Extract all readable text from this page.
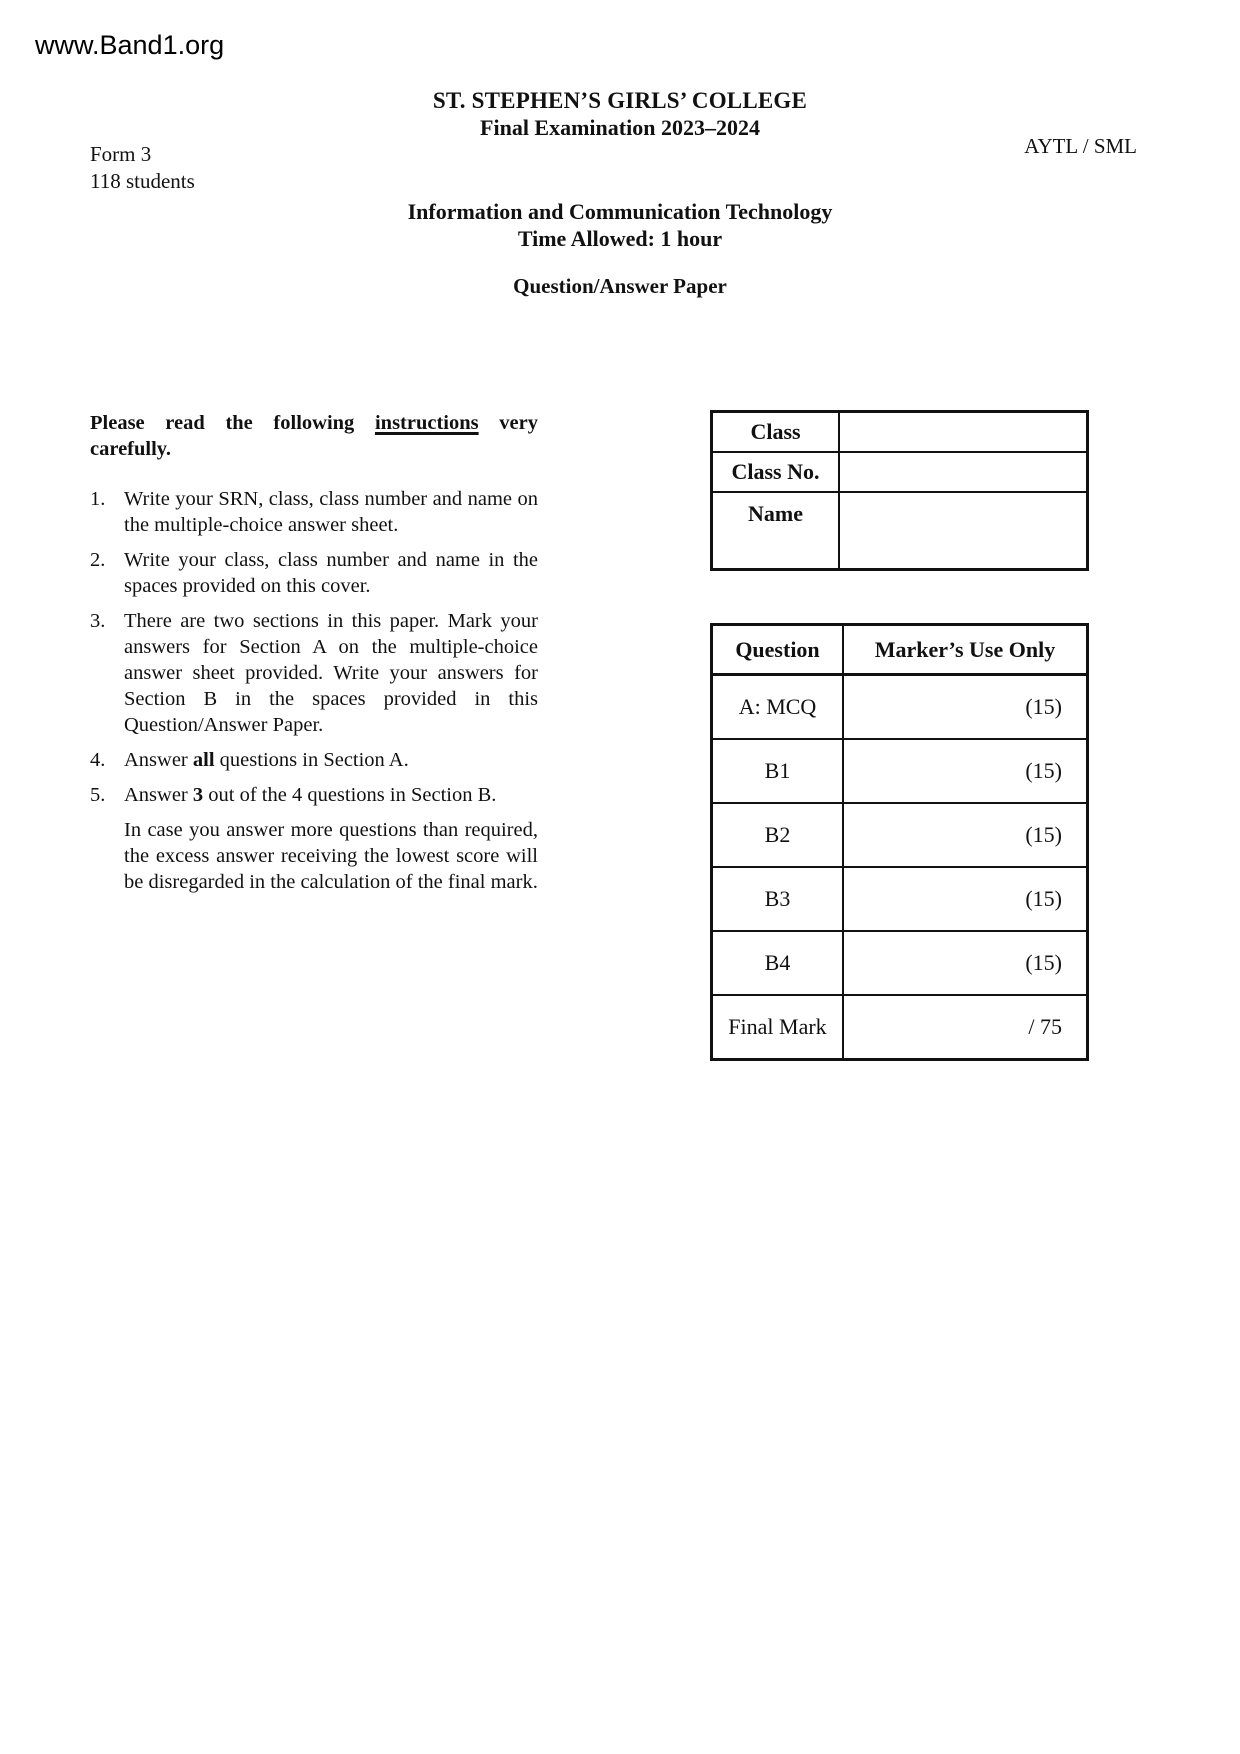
www.Band1.org
ST. STEPHEN’S GIRLS’ COLLEGE
Final Examination 2023–2024
Form 3
118 students
AYTL / SML
Information and Communication Technology
Time Allowed: 1 hour
Question/Answer Paper

Please read the following instructions very carefully.

1. Write your SRN, class, class number and name on the multiple-choice answer sheet.
2. Write your class, class number and name in the spaces provided on this cover.
3. There are two sections in this paper. Mark your answers for Section A on the multiple-choice answer sheet provided. Write your answers for Section B in the spaces provided in this Question/Answer Paper.
4. Answer all questions in Section A.
5. Answer 3 out of the 4 questions in Section B.

In case you answer more questions than required, the excess answer receiving the lowest score will be disregarded in the calculation of the final mark.

Class	
Class No.	
Name	
Question	Marker’s Use Only
A: MCQ	(15)
B1	(15)
B2	(15)
B3	(15)
B4	(15)
Final Mark	/ 75
